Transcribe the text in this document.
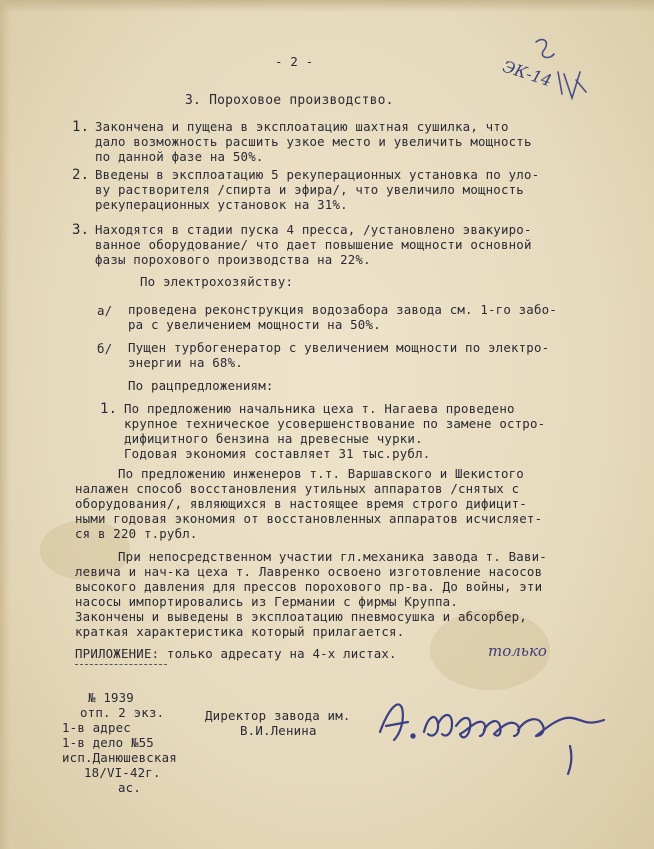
- 2 -	ЭК-14
3. Пороховое производство.
1. Закончена и пущена в эксплоатацию шахтная сушилка, что
дало возможность расшить узкое место и увеличить мощность
по данной фазе на 50%.
2. Введены в эксплоатацию 5 рекуперационных установка по уло-
ву растворителя /спирта и эфира/, что увеличило мощность
рекуперационных установок на 31%.
3. Находятся в стадии пуска 4 пресса, /установлено эвакуиро-
ванное оборудование/ что дает повышение мощности основной
фазы порохового производства на 22%.
По электрохозяйству:
а/ проведена реконструкция водозабора завода см. 1-го забо-
ра с увеличением мощности на 50%.
б/ Пущен турбогенератор с увеличением мощности по электро-
энергии на 68%.
По рацпредложениям:
1. По предложению начальника цеха т. Нагаева проведено
крупное техническое усовершенствование по замене остро-
дифицитного бензина на древесные чурки.
Годовая экономия составляет 31 тыс.рубл.
По предложению инженеров т.т. Варшавского и Шекистого
налажен способ восстановления утильных аппаратов /снятых с
оборудования/, являющихся в настоящее время строго дифицит-
ными годовая экономия от восстановленных аппаратов исчисляет-
ся в 220 т.рубл.
При непосредственном участии гл.механика завода т. Вави-
левича и нач-ка цеха т. Лавренко освоено изготовление насосов
высокого давления для прессов порохового пр-ва. До войны, эти
насосы импортировались из Германии с фирмы Круппа.
Закончены и выведены в эксплоатацию пневмосушка и абсорбер,
краткая характеристика который прилагается.
ПРИЛОЖЕНИЕ: только адресату на 4-х листах.	только
№ 1939
отп. 2 экз.
1-в адрес
1-в дело №55
исп.Данюшевская
18/VI-42г.
ас.
Директор завода им.
В.И.Ленина
